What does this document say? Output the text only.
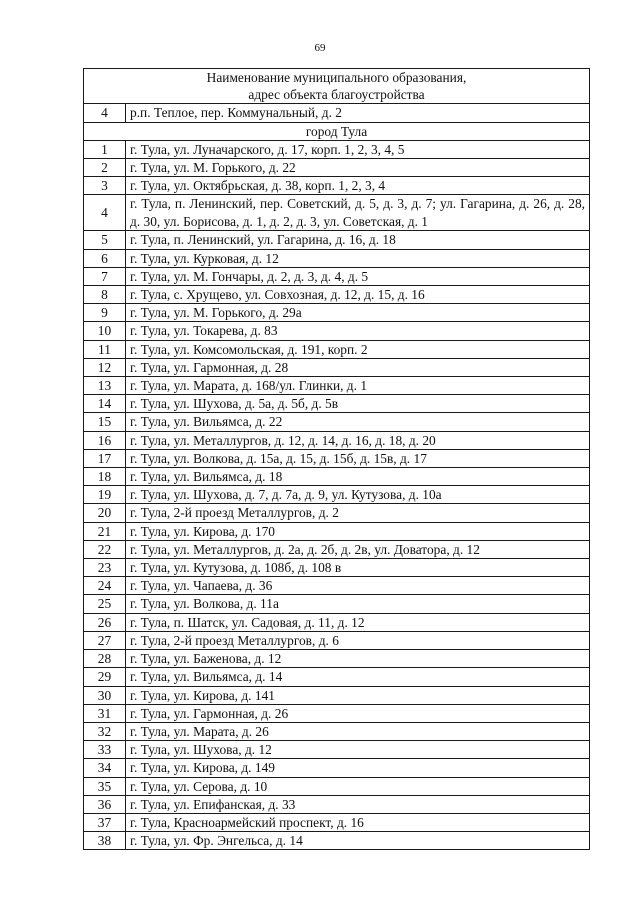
69
Наименование муниципального образования,
адрес объекта благоустройства	
4	р.п. Теплое, пер. Коммунальный, д. 2
город Тула	
1	г. Тула, ул. Луначарского, д. 17, корп. 1, 2, 3, 4, 5
2	г. Тула, ул. М. Горького, д. 22
3	г. Тула, ул. Октябрьская, д. 38, корп. 1, 2, 3, 4
4	г. Тула, п. Ленинский, пер. Советский, д. 5, д. 3, д. 7; ул. Гагарина, д. 26, д. 28, д. 30, ул. Борисова, д. 1, д. 2, д. 3, ул. Советская, д. 1
5	г. Тула, п. Ленинский, ул. Гагарина, д. 16, д. 18
6	г. Тула, ул. Курковая, д. 12
7	г. Тула, ул. М. Гончары, д. 2, д. 3, д. 4, д. 5
8	г. Тула, с. Хрущево, ул. Совхозная, д. 12, д. 15, д. 16
9	г. Тула, ул. М. Горького, д. 29а
10	г. Тула, ул. Токарева, д. 83
11	г. Тула, ул. Комсомольская, д. 191, корп. 2
12	г. Тула, ул. Гармонная, д. 28
13	г. Тула, ул. Марата, д. 168/ул. Глинки, д. 1
14	г. Тула, ул. Шухова, д. 5а, д. 5б, д. 5в
15	г. Тула, ул. Вильямса, д. 22
16	г. Тула, ул. Металлургов, д. 12, д. 14, д. 16, д. 18, д. 20
17	г. Тула, ул. Волкова, д. 15а, д. 15, д. 15б, д. 15в, д. 17
18	г. Тула, ул. Вильямса, д. 18
19	г. Тула, ул. Шухова, д. 7, д. 7а, д. 9, ул. Кутузова, д. 10а
20	г. Тула, 2-й проезд Металлургов, д. 2
21	г. Тула, ул. Кирова, д. 170
22	г. Тула, ул. Металлургов, д. 2а, д. 2б, д. 2в, ул. Доватора, д. 12
23	г. Тула, ул. Кутузова, д. 108б, д. 108 в
24	г. Тула, ул. Чапаева, д. 36
25	г. Тула, ул. Волкова, д. 11а
26	г. Тула, п. Шатск, ул. Садовая, д. 11, д. 12
27	г. Тула, 2-й проезд Металлургов, д. 6
28	г. Тула, ул. Баженова, д. 12
29	г. Тула, ул. Вильямса, д. 14
30	г. Тула, ул. Кирова, д. 141
31	г. Тула, ул. Гармонная, д. 26
32	г. Тула, ул. Марата, д. 26
33	г. Тула, ул. Шухова, д. 12
34	г. Тула, ул. Кирова, д. 149
35	г. Тула, ул. Серова, д. 10
36	г. Тула, ул. Епифанская, д. 33
37	г. Тула, Красноармейский проспект, д. 16
38	г. Тула, ул. Фр. Энгельса, д. 14
